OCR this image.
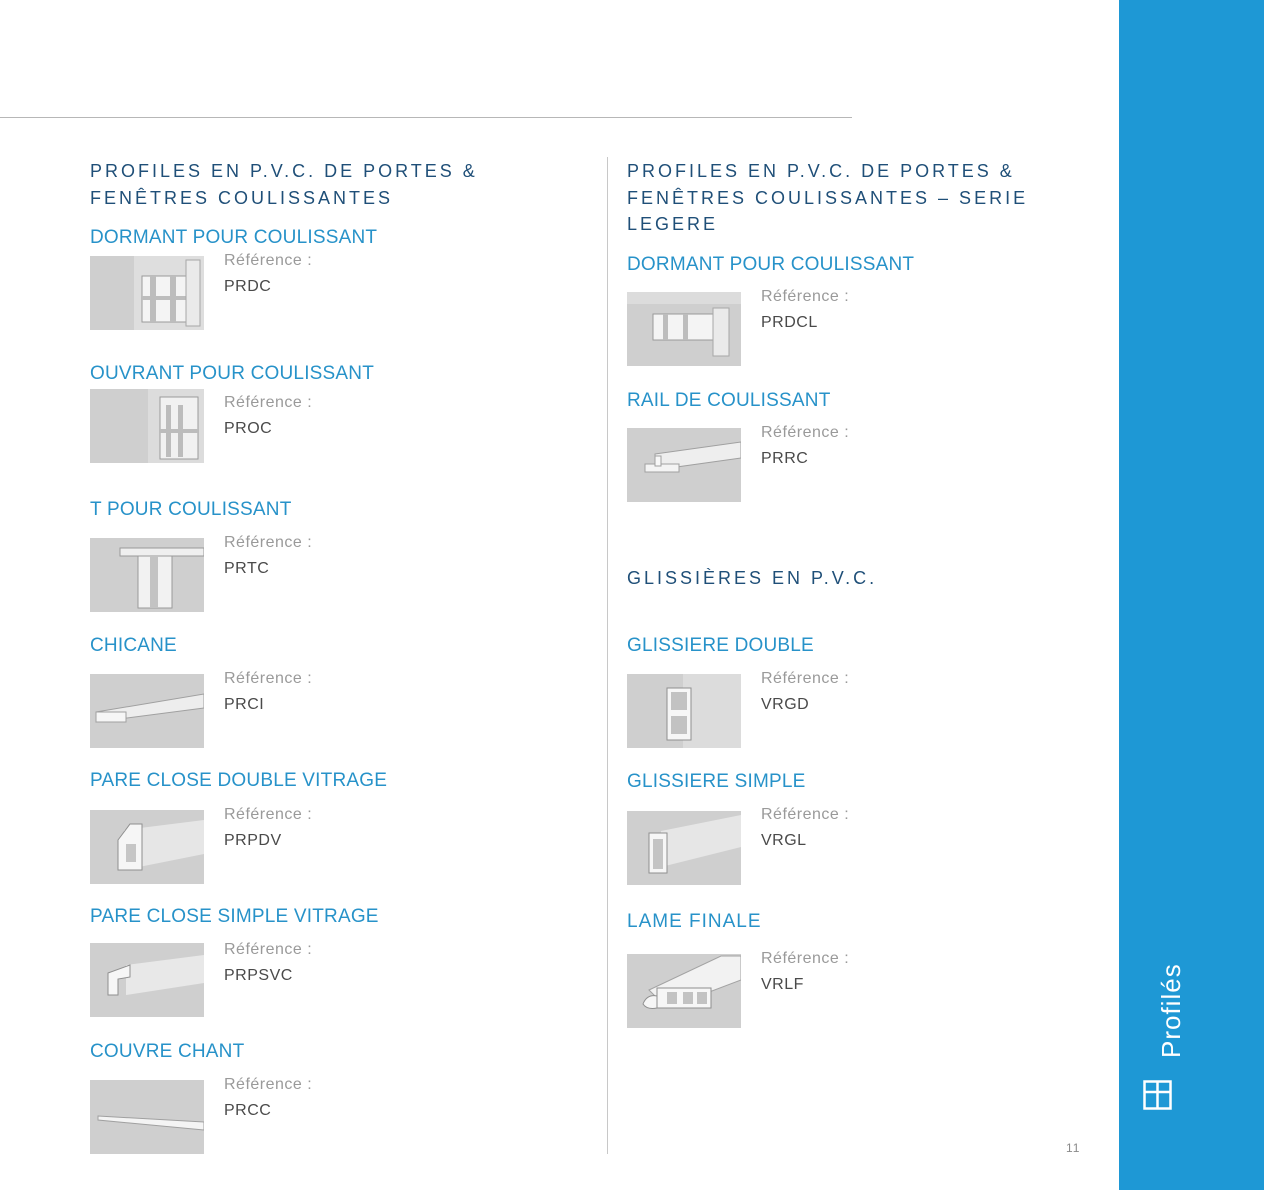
PROFILES EN P.V.C. DE PORTES &
FENÊTRES COULISSANTES
DORMANT POUR COULISSANT
Référence :
PRDC
OUVRANT POUR COULISSANT
Référence :
PROC
T POUR COULISSANT
Référence :
PRTC
CHICANE
Référence :
PRCI
PARE CLOSE DOUBLE VITRAGE
Référence :
PRPDV
PARE CLOSE SIMPLE VITRAGE
Référence :
PRPSVC
COUVRE CHANT
Référence :
PRCC
PROFILES EN P.V.C. DE PORTES &
FENÊTRES COULISSANTES – SERIE
LEGERE
DORMANT POUR COULISSANT
Référence :
PRDCL
RAIL DE COULISSANT
Référence :
PRRC
GLISSIÈRES EN P.V.C.
GLISSIERE DOUBLE
Référence :
VRGD
GLISSIERE SIMPLE
Référence :
VRGL
LAME FINALE
Référence :
VRLF
11
Profilés
